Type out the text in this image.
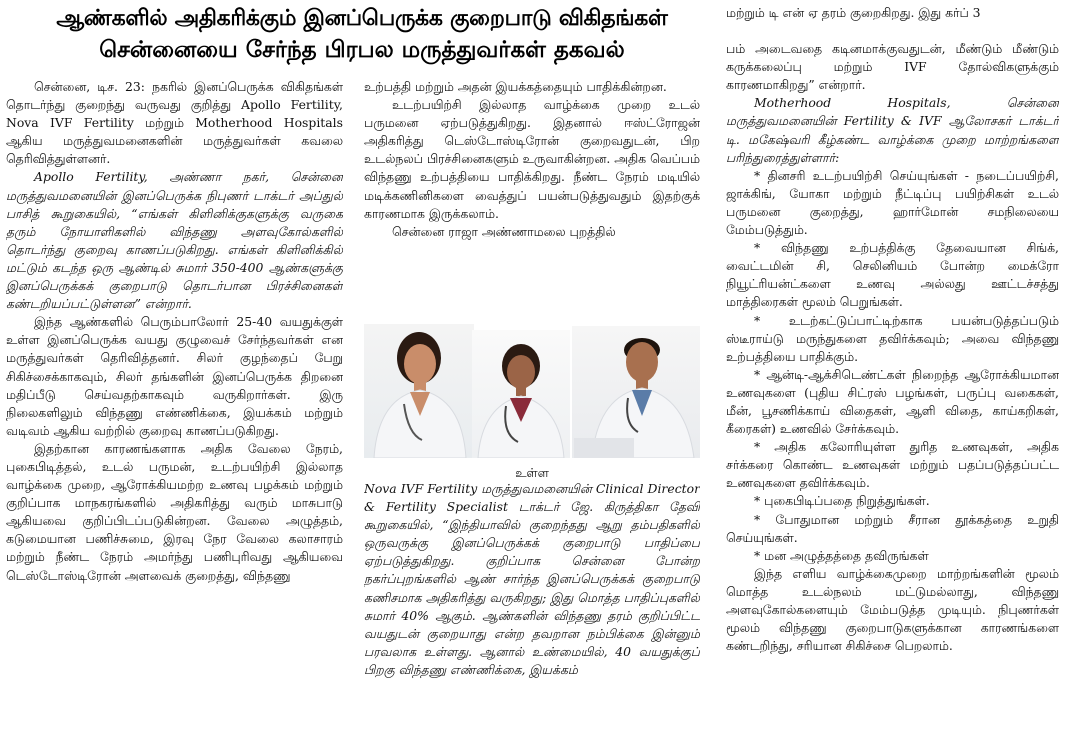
ஆண்களில் அதிகரிக்கும் இனப்பெருக்க குறைபாடு விகிதங்கள்
சென்னையை சேர்ந்த பிரபல மருத்துவர்கள் தகவல்

சென்னை, டிச. 23: நகரில் இனப்பெருக்க விகிதங்கள் தொடர்ந்து குறைந்து வருவது குறித்து Apollo Fertility, Nova IVF Fertility மற்றும் Motherhood Hospitals ஆகிய மருத்துவமனைகளின் மருத்துவர்கள் கவலை தெரிவித்துள்ளனர்.

Apollo Fertility, அண்ணா நகர், சென்னை மருத்துவமனையின் இனப்பெருக்க நிபுணர் டாக்டர் அப்துல் பாசித் கூறுகையில், “எங்கள் கிளினிக்குகளுக்கு வருகை தரும் நோயாளிகளில் விந்தணு அளவுகோல்களில் தொடர்ந்து குறைவு காணப்படுகிறது. எங்கள் கிளினிக்கில் மட்டும் கடந்த ஒரு ஆண்டில் சுமார் 350-400 ஆண்களுக்கு இனப்பெருக்கக் குறைபாடு தொடர்பான பிரச்சினைகள் கண்டறியப்பட்டுள்ளன” என்றார்.

இந்த ஆண்களில் பெரும்பாலோர் 25-40 வயதுக்குள் உள்ள இனப்பெருக்க வயது குழுவைச் சேர்ந்தவர்கள் என மருத்துவர்கள் தெரிவித்தனர். சிலர் குழந்தைப் பேறு சிகிச்சைக்காகவும், சிலர் தங்களின் இனப்பெருக்க திறனை மதிப்பீடு செய்வதற்காகவும் வருகிறார்கள். இரு நிலைகளிலும் விந்தணு எண்ணிக்கை, இயக்கம் மற்றும் வடிவம் ஆகிய வற்றில் குறைவு காணப்படுகிறது.

இதற்கான காரணங்களாக அதிக வேலை நேரம், புகைபிடித்தல், உடல் பருமன், உடற்பயிற்சி இல்லாத வாழ்க்கை முறை, ஆரோக்கியமற்ற உணவு பழக்கம் மற்றும் குறிப்பாக மாநகரங்களில் அதிகரித்து வரும் மாசுபாடு ஆகியவை குறிப்பிடப்படுகின்றன. வேலை அழுத்தம், கடுமையான பணிச்சுமை, இரவு நேர வேலை கலாசாரம் மற்றும் நீண்ட நேரம் அமர்ந்து பணிபுரிவது ஆகியவை டெஸ்டோஸ்டிரோன் அளவைக் குறைத்து, விந்தணு

உற்பத்தி மற்றும் அதன் இயக்கத்தையும் பாதிக்கின்றன.

உடற்பயிற்சி இல்லாத வாழ்க்கை முறை உடல் பருமனை ஏற்படுத்துகிறது. இதனால் ஈஸ்ட்ரோஜன் அதிகரித்து டெஸ்டோஸ்டிரோன் குறைவதுடன், பிற உடல்நலப் பிரச்சினைகளும் உருவாகின்றன. அதிக வெப்பம் விந்தணு உற்பத்தியை பாதிக்கிறது. நீண்ட நேரம் மடியில் மடிக்கணினிகளை வைத்துப் பயன்படுத்துவதும் இதற்குக் காரணமாக இருக்கலாம்.

சென்னை ராஜா அண்ணாமலை புறத்தில்

உள்ள

Nova IVF Fertility மருத்துவமனையின் Clinical Director & Fertility Specialist டாக்டர் ஜே. கிருத்திகா தேவி கூறுகையில், “இந்தியாவில் குறைந்தது ஆறு தம்பதிகளில் ஒருவருக்கு இனப்பெருக்கக் குறைபாடு பாதிப்பை ஏற்படுத்துகிறது. குறிப்பாக சென்னை போன்ற நகர்ப்புறங்களில் ஆண் சார்ந்த இனப்பெருக்கக் குறைபாடு கணிசமாக அதிகரித்து வருகிறது; இது மொத்த பாதிப்புகளில் சுமார் 40% ஆகும். ஆண்களின் விந்தணு தரம் குறிப்பிட்ட வயதுடன் குறையாது என்ற தவறான நம்பிக்கை இன்னும் பரவலாக உள்ளது. ஆனால் உண்மையில், 40 வயதுக்குப் பிறகு விந்தணு எண்ணிக்கை, இயக்கம்

மற்றும் டி என் ஏ தரம் குறைகிறது. இது கர்ப் 3

பம் அடைவதை கடினமாக்குவதுடன், மீண்டும் மீண்டும் கருக்கலைப்பு மற்றும் IVF தோல்விகளுக்கும் காரணமாகிறது” என்றார்.

Motherhood Hospitals, சென்னை மருத்துவமனையின் Fertility & IVF ஆலோசகர் டாக்டர் டி. மகேஷ்வரி கீழ்கண்ட வாழ்க்கை முறை மாற்றங்களை பரிந்துரைத்துள்ளார்:

* தினசரி உடற்பயிற்சி செய்யுங்கள் - நடைப்பயிற்சி, ஜாக்கிங், யோகா மற்றும் நீட்டிப்பு பயிற்சிகள் உடல் பருமனை குறைத்து, ஹார்மோன் சமநிலையை மேம்படுத்தும்.

* விந்தணு உற்பத்திக்கு தேவையான சிங்க், வைட்டமின் சி, செலினியம் போன்ற மைக்ரோ நியூட்ரியன்ட்களை உணவு அல்லது ஊட்டச்சத்து மாத்திரைகள் மூலம் பெறுங்கள்.

* உடற்கட்டுப்பாட்டிற்காக பயன்படுத்தப்படும் ஸ்டீராய்டு மருந்துகளை தவிர்க்கவும்; அவை விந்தணு உற்பத்தியை பாதிக்கும்.

* ஆன்டி-ஆக்சிடெண்ட்கள் நிறைந்த ஆரோக்கியமான உணவுகளை (புதிய சிட்ரஸ் பழங்கள், பருப்பு வகைகள், மீன், பூசணிக்காய் விதைகள், ஆளி விதை, காய்கறிகள், கீரைகள்) உணவில் சேர்க்கவும்.

* அதிக கலோரியுள்ள துரித உணவுகள், அதிக சர்க்கரை கொண்ட உணவுகள் மற்றும் பதப்படுத்தப்பட்ட உணவுகளை தவிர்க்கவும்.

* புகைபிடிப்பதை நிறுத்துங்கள்.

* போதுமான மற்றும் சீரான தூக்கத்தை உறுதி செய்யுங்கள்.

* மன அழுத்தத்தை தவிருங்கள்

இந்த எளிய வாழ்க்கைமுறை மாற்றங்களின் மூலம் மொத்த உடல்நலம் மட்டுமல்லாது, விந்தணு அளவுகோல்களையும் மேம்படுத்த முடியும். நிபுணர்கள் மூலம் விந்தணு குறைபாடுகளுக்கான காரணங்களை கண்டறிந்து, சரியான சிகிச்சை பெறலாம்.
